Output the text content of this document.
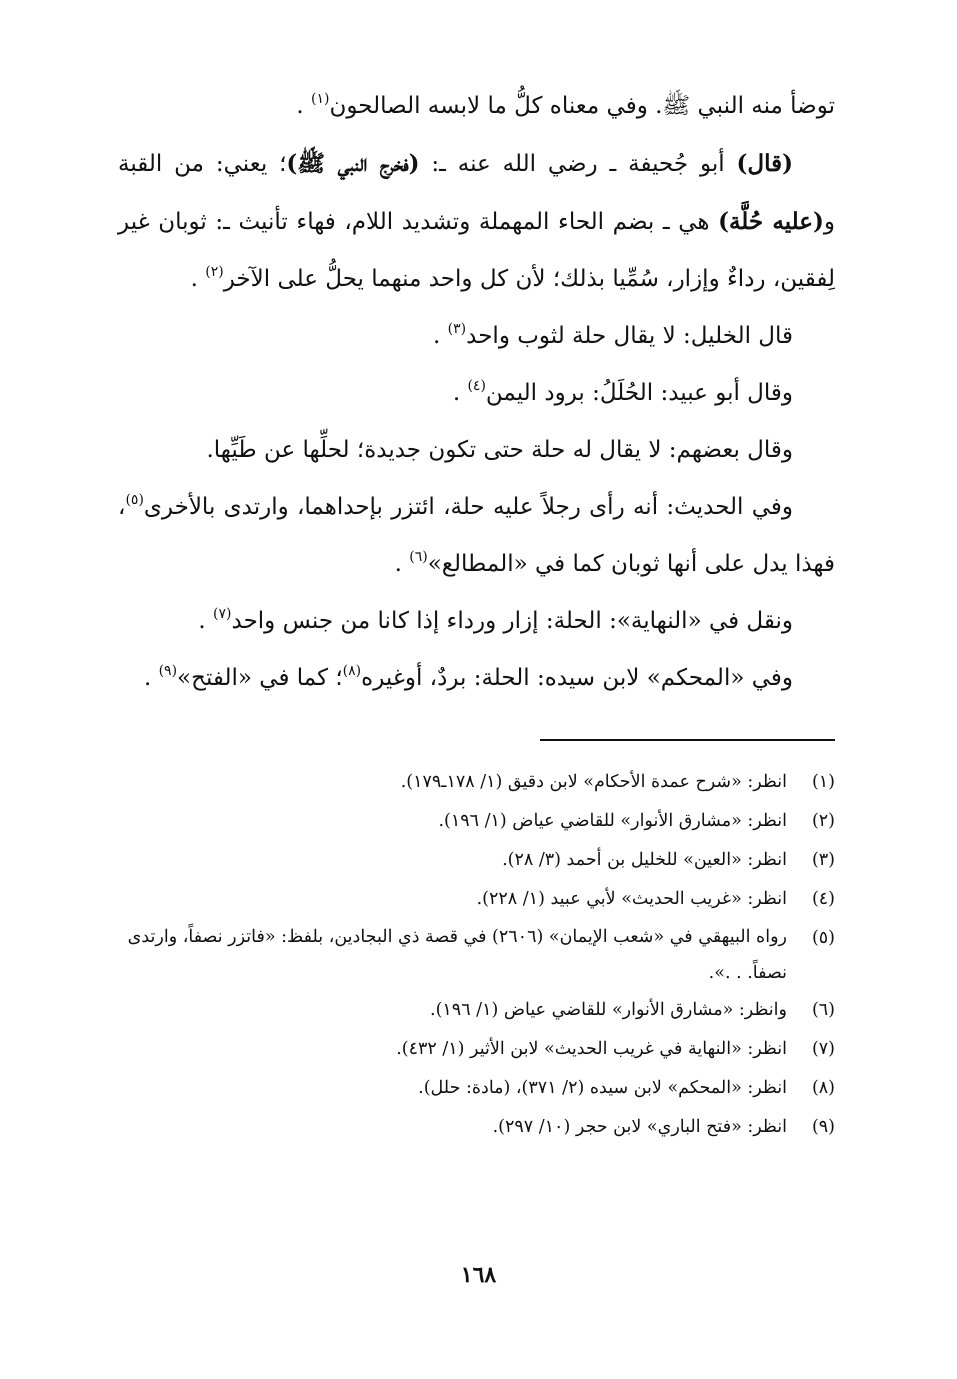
توضأ منه النبي ﷺ. وفي معناه كلُّ ما لابسه الصالحون$^{(١)}$ .

(قال) أبو جُحيفة ـ رضي الله عنه ـ: (فخرج النبي ﷺ)؛ يعني: من القبة و(عليه حُلَّة) هي ـ بضم الحاء المهملة وتشديد اللام، فهاء تأنيث ـ: ثوبان غير لِفقين، رداءٌ وإزار، سُمِّيا بذلك؛ لأن كل واحد منهما يحلُّ على الآخر$^{(٢)}$ .

قال الخليل: لا يقال حلة لثوب واحد$^{(٣)}$ .

وقال أبو عبيد: الحُلَلُ: برود اليمن$^{(٤)}$ .

وقال بعضهم: لا يقال له حلة حتى تكون جديدة؛ لحلِّها عن طَيِّها.

وفي الحديث: أنه رأى رجلاً عليه حلة، ائتزر بإحداهما، وارتدى بالأخرى$^{(٥)}$، فهذا يدل على أنها ثوبان كما في «المطالع»$^{(٦)}$ .

ونقل في «النهاية»: الحلة: إزار ورداء إذا كانا من جنس واحد$^{(٧)}$ .

وفي «المحكم» لابن سيده: الحلة: بردٌ، أوغيره$^{(٨)}$؛ كما في «الفتح»$^{(٩)}$ .

(١)
انظر: «شرح عمدة الأحكام» لابن دقيق (١/ ١٧٨ـ١٧٩).
(٢)
انظر: «مشارق الأنوار» للقاضي عياض (١/ ١٩٦).
(٣)
انظر: «العين» للخليل بن أحمد (٣/ ٢٨).
(٤)
انظر: «غريب الحديث» لأبي عبيد (١/ ٢٢٨).
(٥)
رواه البيهقي في «شعب الإيمان» (٢٦٠٦) في قصة ذي البجادين، بلفظ: «فاتزر نصفاً، وارتدى نصفاً. . .».
(٦)
وانظر: «مشارق الأنوار» للقاضي عياض (١/ ١٩٦).
(٧)
انظر: «النهاية في غريب الحديث» لابن الأثير (١/ ٤٣٢).
(٨)
انظر: «المحكم» لابن سيده (٢/ ٣٧١)، (مادة: حلل).
(٩)
انظر: «فتح الباري» لابن حجر (١٠/ ٢٩٧).
١٦٨
